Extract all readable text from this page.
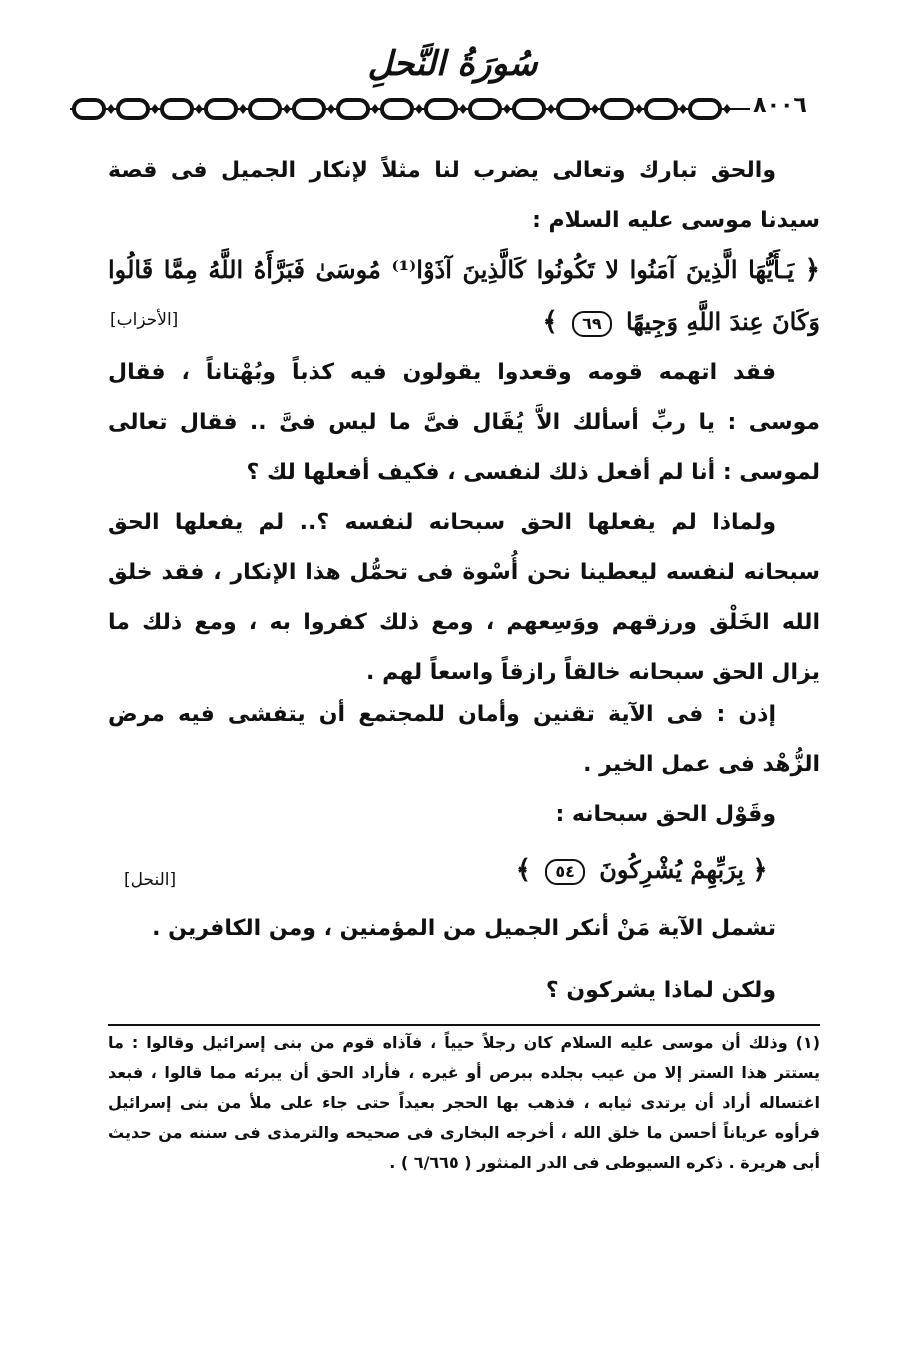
سُورَةُ النَّحلِ
٨٠٠٦
والحق تبارك وتعالى يضرب لنا مثلاً لإنكار الجميل فى قصة سيدنا موسى عليه السلام :
﴿ يَـأَيُّهَا الَّذِينَ آمَنُوا لا تَكُونُوا كَالَّذِينَ آذَوْا⁽¹⁾ مُوسَىٰ فَبَرَّأَهُ اللَّهُ مِمَّا قَالُوا وَكَانَ عِندَ اللَّهِ وَجِيهًا ٦٩ ﴾
[الأحزاب]
فقد اتهمه قومه وقعدوا يقولون فيه كذباً وبُهْتاناً ، فقال موسى : يا ربِّ أسألك الاَّ يُقَال فىَّ ما ليس فىَّ .. فقال تعالى لموسى : أنا لم أفعل ذلك لنفسى ، فكيف أفعلها لك ؟
ولماذا لم يفعلها الحق سبحانه لنفسه ؟.. لم يفعلها الحق سبحانه لنفسه ليعطينا نحن أُسْوة فى تحمُّل هذا الإنكار ، فقد خلق الله الخَلْق ورزقهم ووَسِعهم ، ومع ذلك كفروا به ، ومع ذلك ما يزال الحق سبحانه خالقاً رازقاً واسعاً لهم .
إذن : فى الآية تقنين وأمان للمجتمع أن يتفشى فيه مرض الزُّهْد فى عمل الخير .
وقَوْل الحق سبحانه :
﴿ بِرَبِّهِمْ يُشْرِكُونَ ٥٤ ﴾
[النحل]
تشمل الآية مَنْ أنكر الجميل من المؤمنين ، ومن الكافرين .
ولكن لماذا يشركون ؟
(١) وذلك أن موسى عليه السلام كان رجلاً حيياً ، فآذاه قوم من بنى إسرائيل وقالوا : ما يستتر هذا الستر إلا من عيب بجلده ببرص أو غيره ، فأراد الحق أن يبرئه مما قالوا ، فبعد اغتساله أراد أن يرتدى ثيابه ، فذهب بها الحجر بعيداً حتى جاء على ملأ من بنى إسرائيل فرأوه عرياناً أحسن ما خلق الله ، أخرجه البخارى فى صحيحه والترمذى فى سننه من حديث أبى هريرة . ذكره السيوطى فى الدر المنثور ( ٦/٦٦٥ ) .
